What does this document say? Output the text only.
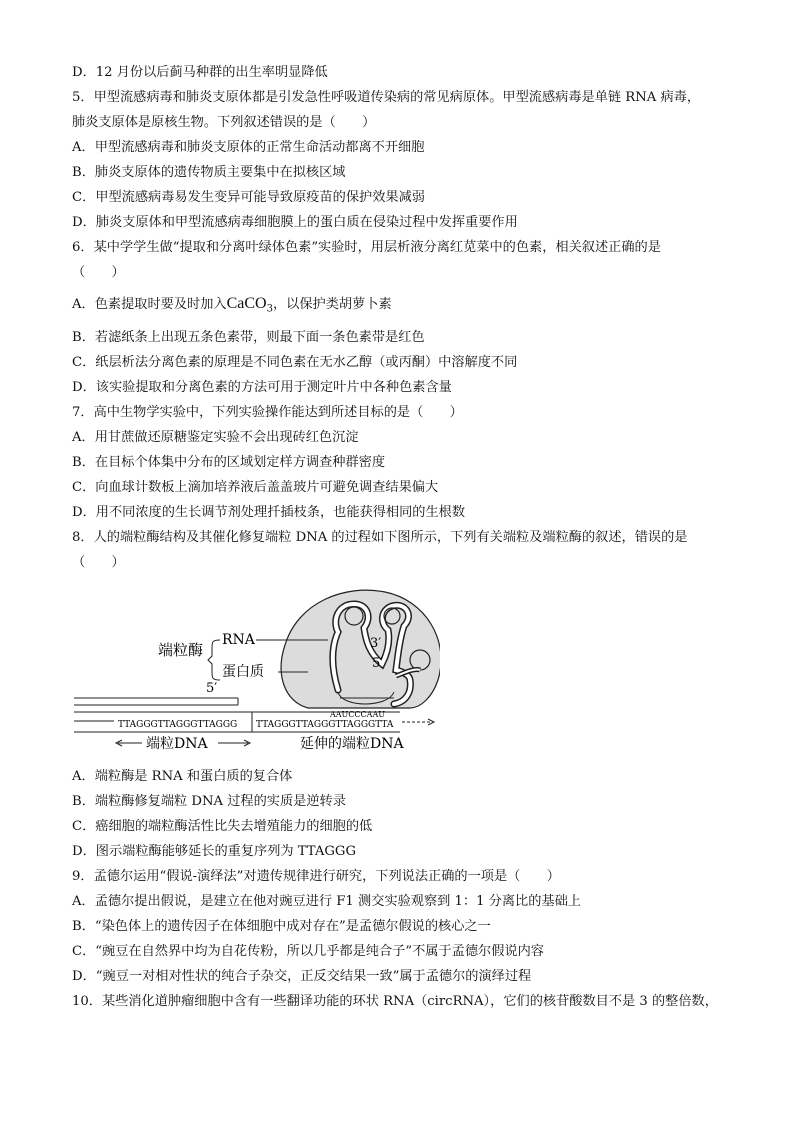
D．12 月份以后蓟马种群的出生率明显降低
5．甲型流感病毒和肺炎支原体都是引发急性呼吸道传染病的常见病原体。甲型流感病毒是单链 RNA 病毒，
肺炎支原体是原核生物。下列叙述错误的是（　　）
A．甲型流感病毒和肺炎支原体的正常生命活动都离不开细胞
B．肺炎支原体的遗传物质主要集中在拟核区域
C．甲型流感病毒易发生变异可能导致原疫苗的保护效果减弱
D．肺炎支原体和甲型流感病毒细胞膜上的蛋白质在侵染过程中发挥重要作用
6．某中学学生做“提取和分离叶绿体色素”实验时，用层析液分离红苋菜中的色素，相关叙述正确的是
（　　）
A．色素提取时要及时加入CaCO$_3$，以保护类胡萝卜素
B．若滤纸条上出现五条色素带，则最下面一条色素带是红色
C．纸层析法分离色素的原理是不同色素在无水乙醇（或丙酮）中溶解度不同
D．该实验提取和分离色素的方法可用于测定叶片中各种色素含量
7．高中生物学实验中，下列实验操作能达到所述目标的是（　　）
A．用甘蔗做还原糖鉴定实验不会出现砖红色沉淀
B．在目标个体集中分布的区域划定样方调查种群密度
C．向血球计数板上滴加培养液后盖盖玻片可避免调查结果偏大
D．用不同浓度的生长调节剂处理扦插枝条，也能获得相同的生根数
8．人的端粒酶结构及其催化修复端粒 DNA 的过程如下图所示，下列有关端粒及端粒酶的叙述，错误的是
（　　）
3′
5′
端粒酶
RNA
蛋白质
5′
AAUCCCAAU
TTAGGGTTAGGGTTAGGG TTAGGGTTAGGGTTAGGGTTA
端粒DNA	延伸的端粒DNA
A．端粒酶是 RNA 和蛋白质的复合体
B．端粒酶修复端粒 DNA 过程的实质是逆转录
C．癌细胞的端粒酶活性比失去增殖能力的细胞的低
D．图示端粒酶能够延长的重复序列为 TTAGGG
9．孟德尔运用“假说-演绎法”对遗传规律进行研究，下列说法正确的一项是（　　）
A．孟德尔提出假说，是建立在他对豌豆进行 F1 测交实验观察到 1：1 分离比的基础上
B．“染色体上的遗传因子在体细胞中成对存在”是孟德尔假说的核心之一
C．“豌豆在自然界中均为自花传粉，所以几乎都是纯合子”不属于孟德尔假说内容
D．“豌豆一对相对性状的纯合子杂交，正反交结果一致”属于孟德尔的演绎过程
10．某些消化道肿瘤细胞中含有一些翻译功能的环状 RNA（circRNA），它们的核苷酸数目不是 3 的整倍数，
